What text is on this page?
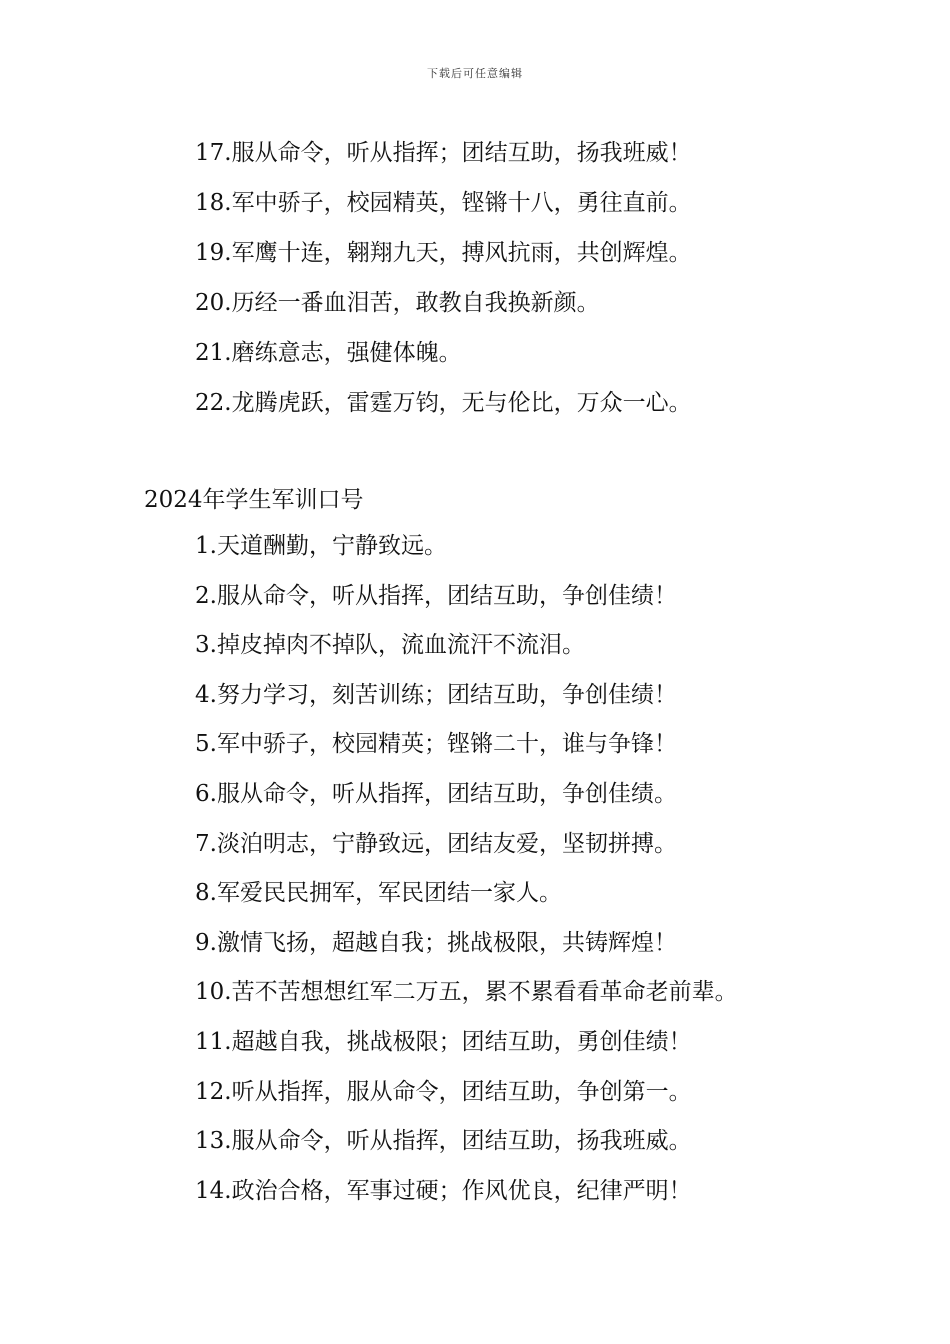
下载后可任意编辑
17.服从命令，听从指挥；团结互助，扬我班威！
18.军中骄子，校园精英，铿锵十八，勇往直前。
19.军鹰十连，翱翔九天，搏风抗雨，共创辉煌。
20.历经一番血泪苦，敢教自我换新颜。
21.磨练意志，强健体魄。
22.龙腾虎跃，雷霆万钧，无与伦比，万众一心。
2024年学生军训口号
1.天道酬勤，宁静致远。
2.服从命令，听从指挥，团结互助，争创佳绩！
3.掉皮掉肉不掉队，流血流汗不流泪。
4.努力学习，刻苦训练；团结互助，争创佳绩！
5.军中骄子，校园精英；铿锵二十，谁与争锋！
6.服从命令，听从指挥，团结互助，争创佳绩。
7.淡泊明志，宁静致远，团结友爱，坚韧拼搏。
8.军爱民民拥军，军民团结一家人。
9.激情飞扬，超越自我；挑战极限，共铸辉煌！
10.苦不苦想想红军二万五，累不累看看革命老前辈。
11.超越自我，挑战极限；团结互助，勇创佳绩！
12.听从指挥，服从命令，团结互助，争创第一。
13.服从命令，听从指挥，团结互助，扬我班威。
14.政治合格，军事过硬；作风优良，纪律严明！
